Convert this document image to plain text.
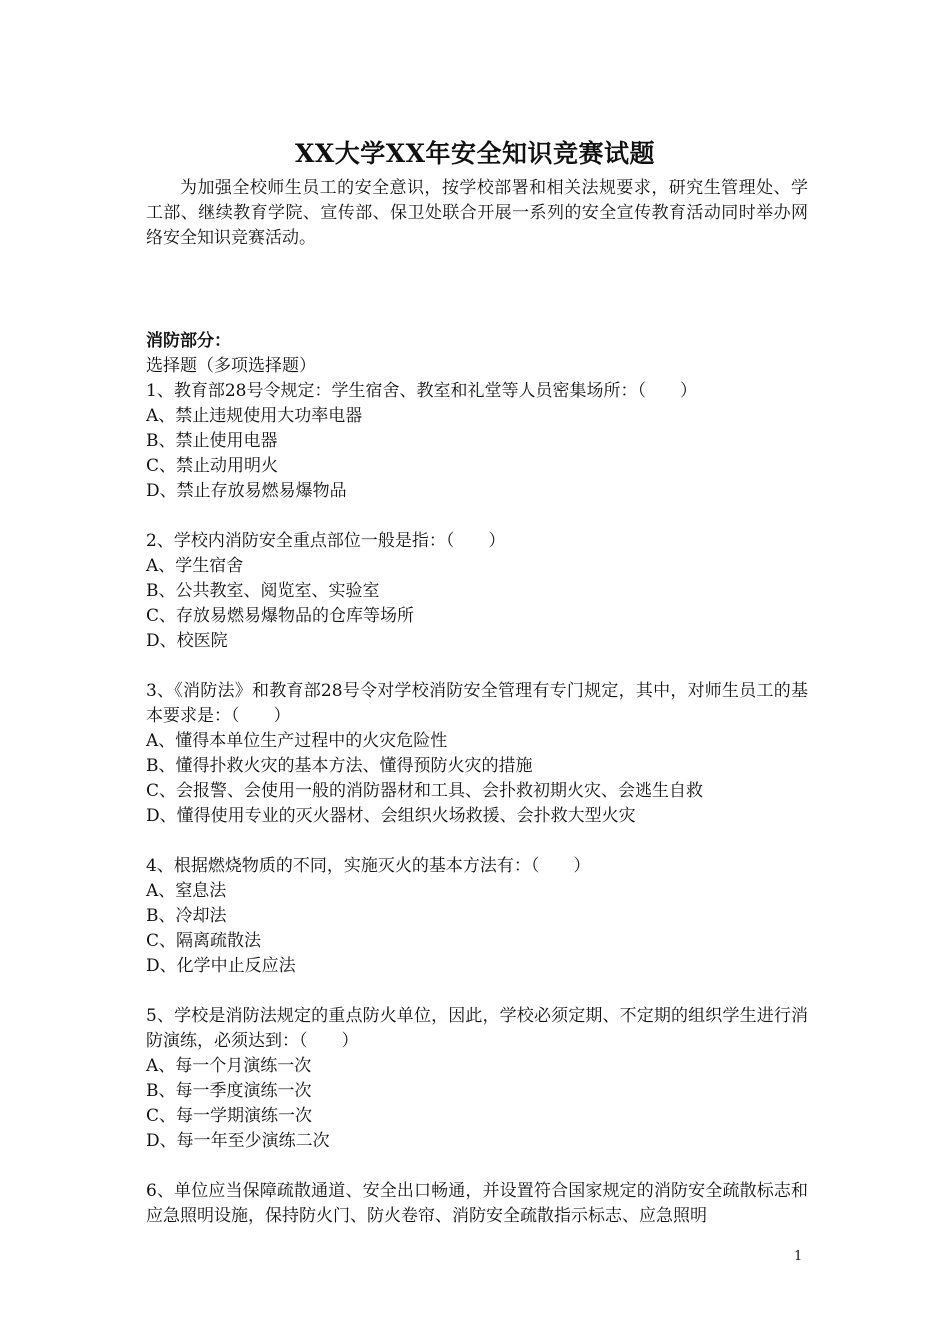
XX大学XX年安全知识竞赛试题

为加强全校师生员工的安全意识，按学校部署和相关法规要求，研究生管理处、学工部、继续教育学院、宣传部、保卫处联合开展一系列的安全宣传教育活动同时举办网络安全知识竞赛活动。

消防部分：

选择题（多项选择题）

1、教育部28号令规定：学生宿舍、教室和礼堂等人员密集场所：（　　）

A、禁止违规使用大功率电器

B、禁止使用电器

C、禁止动用明火

D、禁止存放易燃易爆物品

2、学校内消防安全重点部位一般是指：（　　）

A、学生宿舍

B、公共教室、阅览室、实验室

C、存放易燃易爆物品的仓库等场所

D、校医院

3、《消防法》和教育部28号令对学校消防安全管理有专门规定，其中，对师生员工的基本要求是：（　　）

A、懂得本单位生产过程中的火灾危险性

B、懂得扑救火灾的基本方法、懂得预防火灾的措施

C、会报警、会使用一般的消防器材和工具、会扑救初期火灾、会逃生自救

D、懂得使用专业的灭火器材、会组织火场救援、会扑救大型火灾

4、根据燃烧物质的不同，实施灭火的基本方法有：（　　）

A、窒息法

B、冷却法

C、隔离疏散法

D、化学中止反应法

5、学校是消防法规定的重点防火单位，因此，学校必须定期、不定期的组织学生进行消防演练，必须达到：（　　）

A、每一个月演练一次

B、每一季度演练一次

C、每一学期演练一次

D、每一年至少演练二次

6、单位应当保障疏散通道、安全出口畅通，并设置符合国家规定的消防安全疏散标志和应急照明设施，保持防火门、防火卷帘、消防安全疏散指示标志、应急照明

1
